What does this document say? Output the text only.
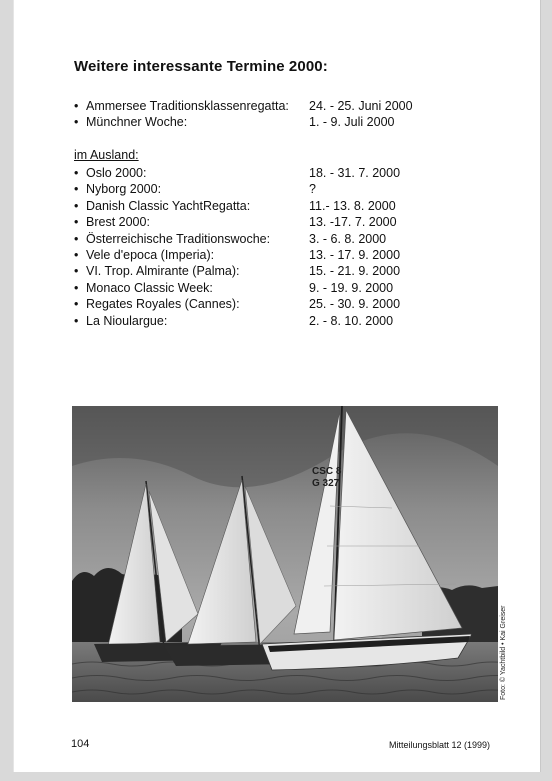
Weitere interessante Termine 2000:
• Ammersee Traditionsklassenregatta: 24. - 25. Juni 2000
• Münchner Woche:	1. - 9. Juli 2000
im Ausland:
• Oslo 2000:	18. - 31. 7. 2000
• Nyborg 2000:	?
• Danish Classic YachtRegatta:	11.- 13. 8. 2000
• Brest 2000:	13. -17. 7. 2000
• Österreichische Traditionswoche:	3. - 6. 8. 2000
• Vele d'epoca (Imperia):	13. - 17. 9. 2000
• VI. Trop. Almirante (Palma):	15. - 21. 9. 2000
• Monaco Classic Week:	9. - 19. 9. 2000
• Regates Royales (Cannes):	25. - 30. 9. 2000
• La Nioulargue:	2. - 8. 10. 2000
CSC 8
G 327
Foto: © Yachtbild • Kai Greiser
104	Mitteilungsblatt 12 (1999)
